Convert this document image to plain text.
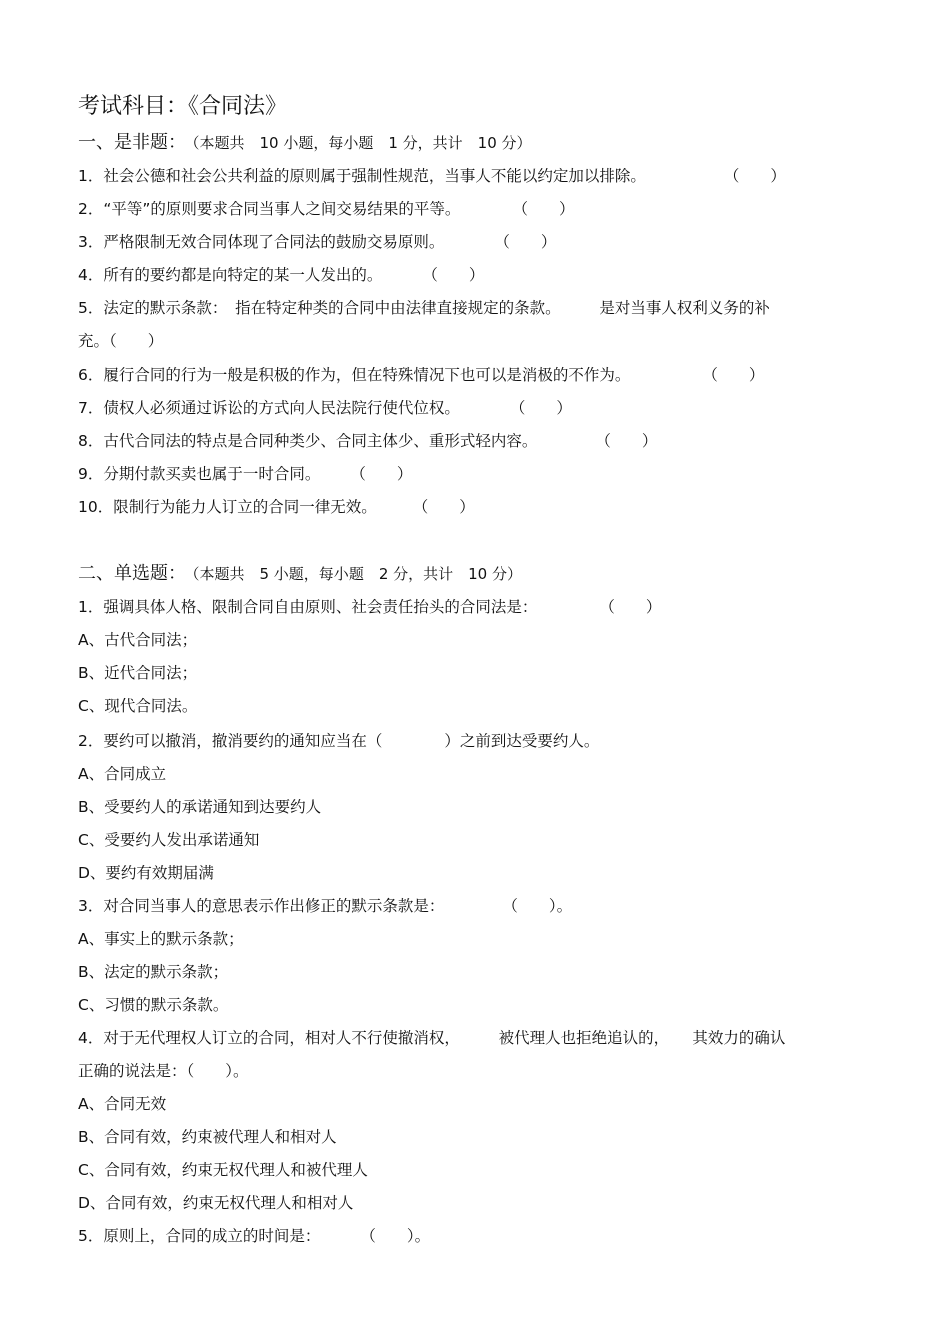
考试科目：《合同法》
一、是非题： （本题共　10 小题，每小题　1 分，共计　10 分）
1．社会公德和社会公共利益的原则属于强制性规范，当事人不能以约定加以排除。	（　　）
2．“平等”的原则要求合同当事人之间交易结果的平等。	（　　）
3．严格限制无效合同体现了合同法的鼓励交易原则。	（　　）
4．所有的要约都是向特定的某一人发出的。	（　　）
5．法定的默示条款：　指在特定种类的合同中由法律直接规定的条款。　　　是对当事人权利义务的补
充。（　　）
6．履行合同的行为一般是积极的作为，但在特殊情况下也可以是消极的不作为。	（　　）
7．债权人必须通过诉讼的方式向人民法院行使代位权。	（　　）
8．古代合同法的特点是合同种类少、合同主体少、重形式轻内容。	（　　）
9．分期付款买卖也属于一时合同。 （　　）
10．限制行为能力人订立的合同一律无效。 （　　）
二、单选题： （本题共　5 小题，每小题　2 分，共计　10 分）
1．强调具体人格、限制合同自由原则、社会责任抬头的合同法是：	（　　）
A、古代合同法；
B、近代合同法；
C、现代合同法。
2．要约可以撤消，撤消要约的通知应当在（　　　　）之前到达受要约人。
A、合同成立
B、受要约人的承诺通知到达要约人
C、受要约人发出承诺通知
D、要约有效期届满
3．对合同当事人的意思表示作出修正的默示条款是：	（　　）。
A、事实上的默示条款；
B、法定的默示条款；
C、习惯的默示条款。
4．对于无代理权人订立的合同，相对人不行使撤消权，　　　被代理人也拒绝追认的，　　其效力的确认
正确的说法是：（　　）。
A、合同无效
B、合同有效，约束被代理人和相对人
C、合同有效，约束无权代理人和被代理人
D、合同有效，约束无权代理人和相对人
5．原则上，合同的成立的时间是：	（　　）。
